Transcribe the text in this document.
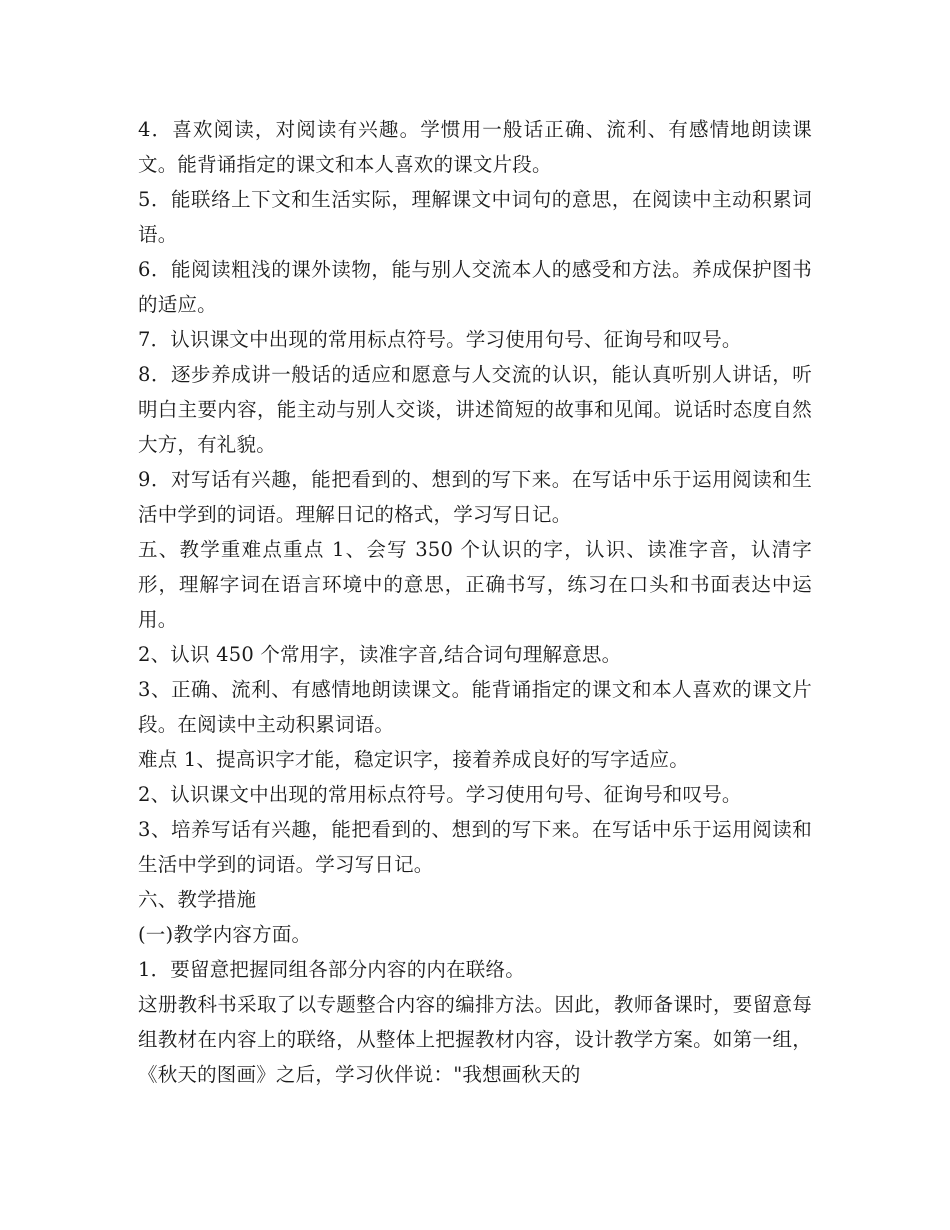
4．喜欢阅读，对阅读有兴趣。学惯用一般话正确、流利、有感情地朗读课文。能背诵指定的课文和本人喜欢的课文片段。

5．能联络上下文和生活实际，理解课文中词句的意思，在阅读中主动积累词语。

6．能阅读粗浅的课外读物，能与别人交流本人的感受和方法。养成保护图书的适应。

7．认识课文中出现的常用标点符号。学习使用句号、征询号和叹号。

8．逐步养成讲一般话的适应和愿意与人交流的认识，能认真听别人讲话，听明白主要内容，能主动与别人交谈，讲述简短的故事和见闻。说话时态度自然大方，有礼貌。

9．对写话有兴趣，能把看到的、想到的写下来。在写话中乐于运用阅读和生活中学到的词语。理解日记的格式，学习写日记。

五、教学重难点重点 1、会写 350 个认识的字，认识、读准字音，认清字形，理解字词在语言环境中的意思，正确书写，练习在口头和书面表达中运用。

2、认识 450 个常用字，读准字音,结合词句理解意思。

3、正确、流利、有感情地朗读课文。能背诵指定的课文和本人喜欢的课文片段。在阅读中主动积累词语。

难点 1、提高识字才能，稳定识字，接着养成良好的写字适应。

2、认识课文中出现的常用标点符号。学习使用句号、征询号和叹号。

3、培养写话有兴趣，能把看到的、想到的写下来。在写话中乐于运用阅读和生活中学到的词语。学习写日记。

六、教学措施

(一)教学内容方面。

1．要留意把握同组各部分内容的内在联络。

这册教科书采取了以专题整合内容的编排方法。因此，教师备课时，要留意每组教材在内容上的联络，从整体上把握教材内容，设计教学方案。如第一组，《秋天的图画》之后，学习伙伴说："我想画秋天的
